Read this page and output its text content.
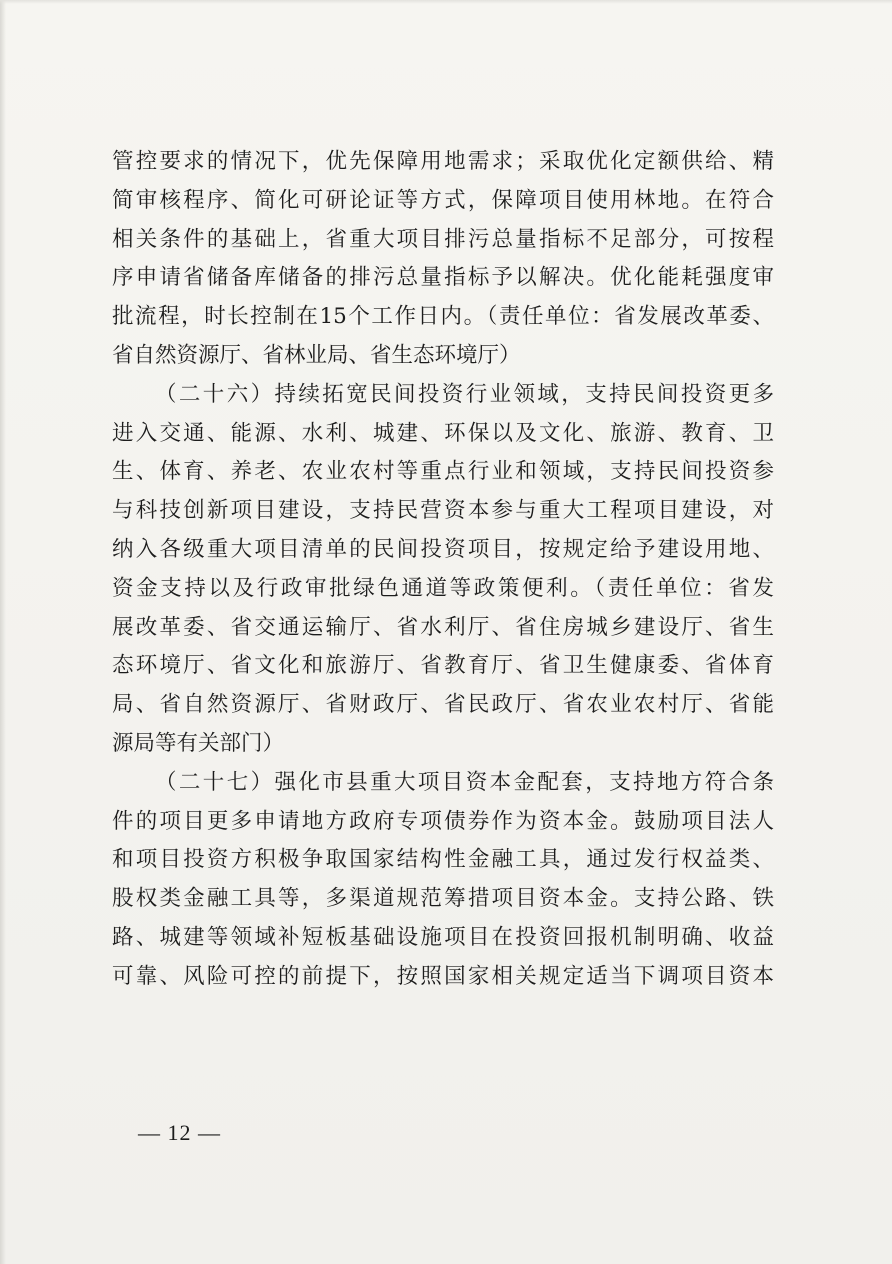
管控要求的情况下，优先保障用地需求；采取优化定额供给、精
简审核程序、简化可研论证等方式，保障项目使用林地。在符合
相关条件的基础上，省重大项目排污总量指标不足部分，可按程
序申请省储备库储备的排污总量指标予以解决。优化能耗强度审
批流程，时长控制在15个工作日内。（责任单位：省发展改革委、
省自然资源厅、省林业局、省生态环境厅）
（二十六）持续拓宽民间投资行业领域，支持民间投资更多
进入交通、能源、水利、城建、环保以及文化、旅游、教育、卫
生、体育、养老、农业农村等重点行业和领域，支持民间投资参
与科技创新项目建设，支持民营资本参与重大工程项目建设，对
纳入各级重大项目清单的民间投资项目，按规定给予建设用地、
资金支持以及行政审批绿色通道等政策便利。（责任单位：省发
展改革委、省交通运输厅、省水利厅、省住房城乡建设厅、省生
态环境厅、省文化和旅游厅、省教育厅、省卫生健康委、省体育
局、省自然资源厅、省财政厅、省民政厅、省农业农村厅、省能
源局等有关部门）
（二十七）强化市县重大项目资本金配套，支持地方符合条
件的项目更多申请地方政府专项债券作为资本金。鼓励项目法人
和项目投资方积极争取国家结构性金融工具，通过发行权益类、
股权类金融工具等，多渠道规范筹措项目资本金。支持公路、铁
路、城建等领域补短板基础设施项目在投资回报机制明确、收益
可靠、风险可控的前提下，按照国家相关规定适当下调项目资本
— 12 —
